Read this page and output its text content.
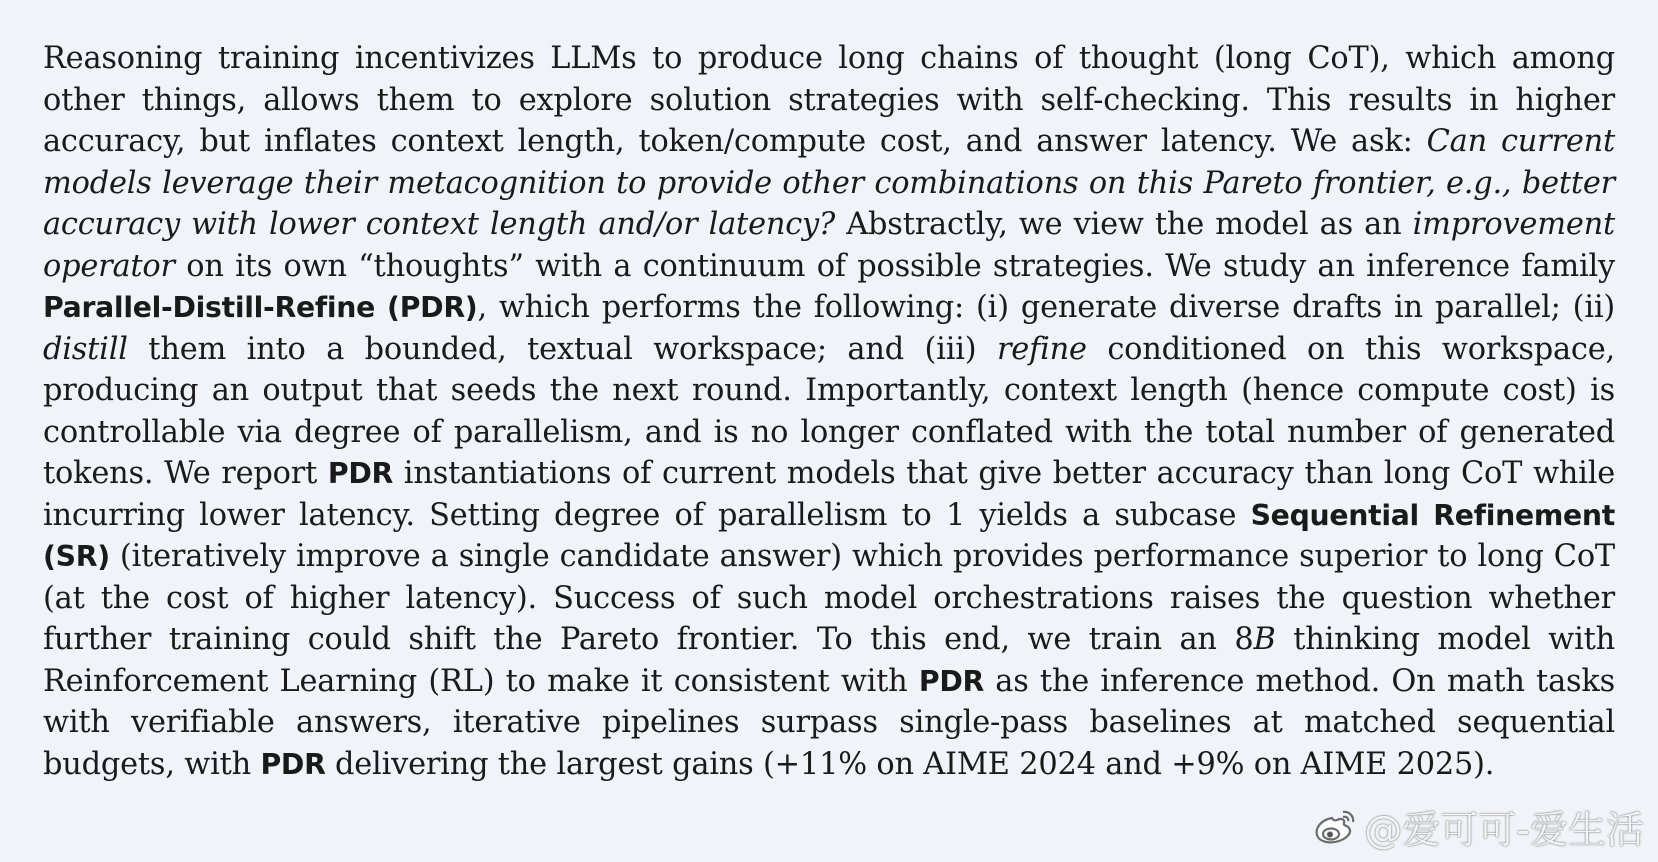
Reasoning training incentivizes LLMs to produce long chains of thought (long CoT), which among other things, allows them to explore solution strategies with self-checking. This results in higher accuracy, but inflates context length, token/compute cost, and answer latency. We ask: Can current models leverage their metacognition to provide other combinations on this Pareto frontier, e.g., better accuracy with lower context length and/or latency? Abstractly, we view the model as an improvement operator on its own “thoughts” with a continuum of possible strategies. We study an inference family Parallel-Distill-Refine (PDR), which performs the following: (i) generate diverse drafts in parallel; (ii) distill them into a bounded, textual workspace; and (iii) refine conditioned on this workspace, producing an output that seeds the next round. Importantly, context length (hence compute cost) is controllable via degree of parallelism, and is no longer conflated with the total number of generated tokens. We report PDR instantiations of current models that give better accuracy than long CoT while incurring lower latency. Setting degree of parallelism to 1 yields a subcase Sequential Refinement (SR) (iteratively improve a single candidate answer) which provides performance superior to long CoT (at the cost of higher latency). Success of such model orchestrations raises the question whether further training could shift the Pareto frontier. To this end, we train an 8B thinking model with Reinforcement Learning (RL) to make it consistent with PDR as the inference method. On math tasks with verifiable answers, iterative pipelines surpass single-pass baselines at matched sequential budgets, with PDR delivering the largest gains (+11% on AIME 2024 and +9% on AIME 2025).

@爱可可-爱生活
